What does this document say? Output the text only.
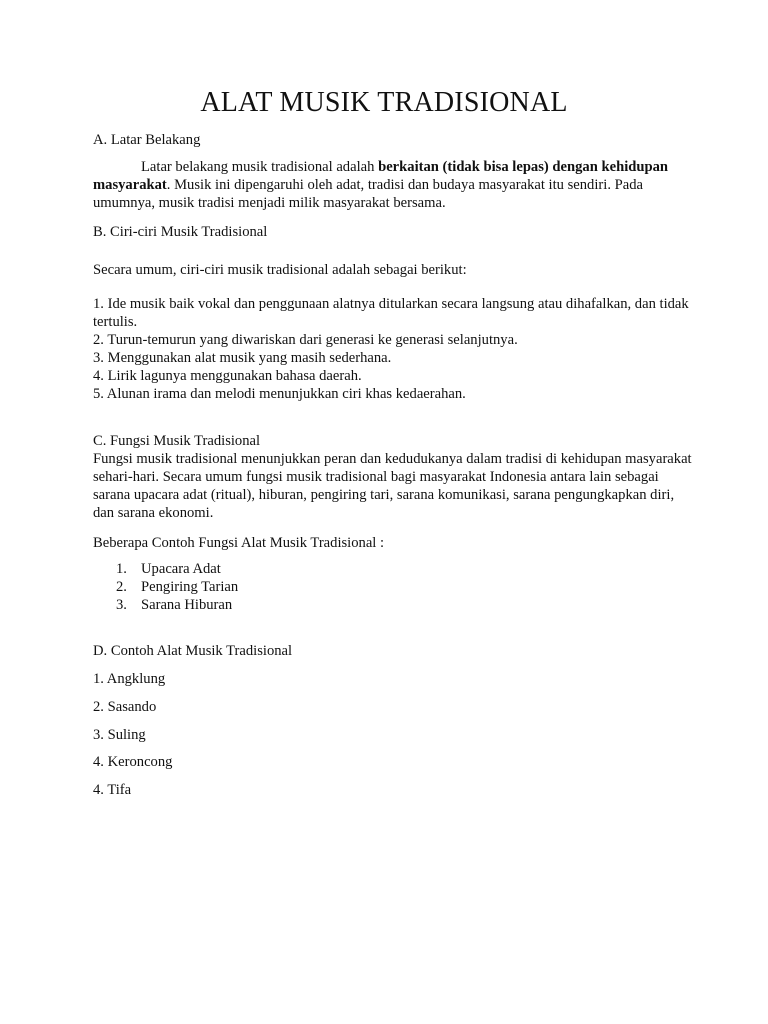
ALAT MUSIK TRADISIONAL

A. Latar Belakang

Latar belakang musik tradisional adalah berkaitan (tidak bisa lepas) dengan kehidupan masyarakat. Musik ini dipengaruhi oleh adat, tradisi dan budaya masyarakat itu sendiri. Pada umumnya, musik tradisi menjadi milik masyarakat bersama.

B. Ciri-ciri Musik Tradisional

Secara umum, ciri-ciri musik tradisional adalah sebagai berikut:

1. Ide musik baik vokal dan penggunaan alatnya ditularkan secara langsung atau dihafalkan, dan tidak tertulis.
2. Turun-temurun yang diwariskan dari generasi ke generasi selanjutnya.
3. Menggunakan alat musik yang masih sederhana.
4. Lirik lagunya menggunakan bahasa daerah.
5. Alunan irama dan melodi menunjukkan ciri khas kedaerahan.

C. Fungsi Musik Tradisional

Fungsi musik tradisional menunjukkan peran dan kedudukanya dalam tradisi di kehidupan masyarakat sehari-hari. Secara umum fungsi musik tradisional bagi masyarakat Indonesia antara lain sebagai sarana upacara adat (ritual), hiburan, pengiring tari, sarana komunikasi, sarana pengungkapkan diri, dan sarana ekonomi.

Beberapa Contoh Fungsi Alat Musik Tradisional :

1. Upacara Adat
2. Pengiring Tarian
3. Sarana Hiburan

D. Contoh Alat Musik Tradisional

1. Angklung

2. Sasando

3. Suling

4. Keroncong

4. Tifa
